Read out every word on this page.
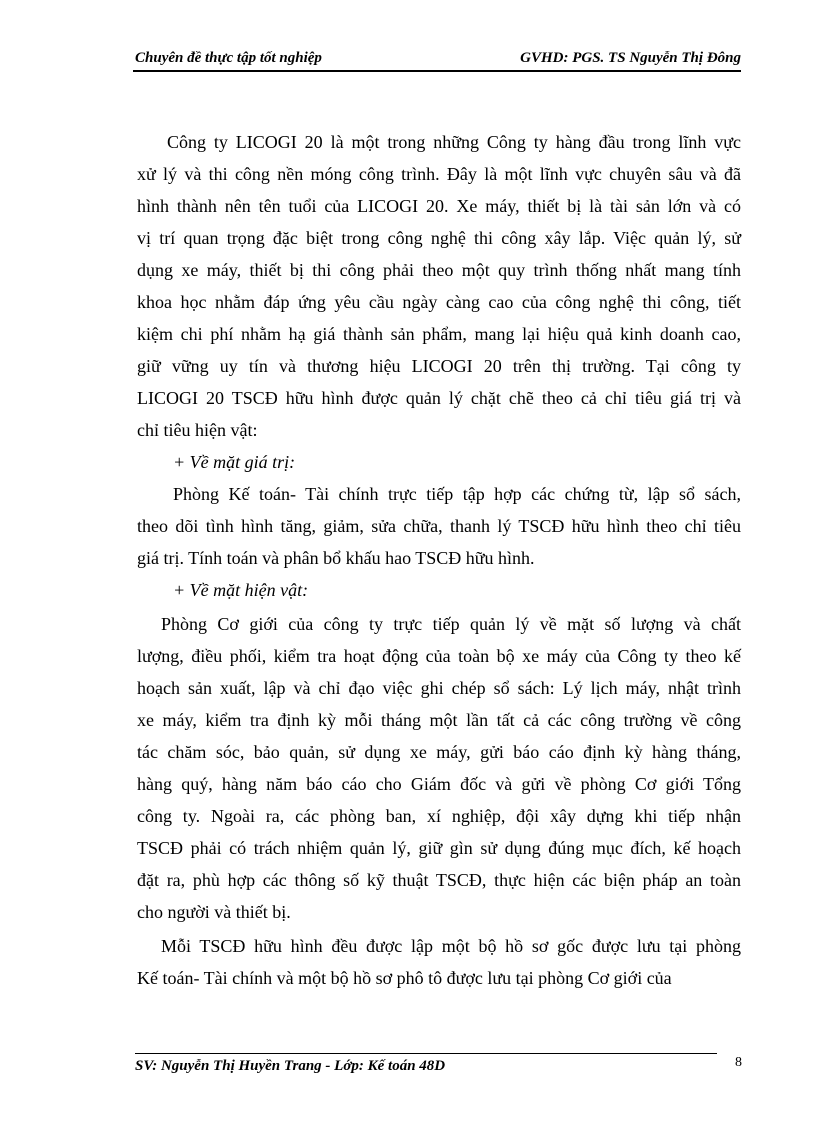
Chuyên đề thực tập tốt nghiệp	GVHD: PGS. TS Nguyễn Thị Đông
Công ty LICOGI 20 là một trong những Công ty hàng đầu trong lĩnh vực
xử lý và thi công nền móng công trình. Đây là một lĩnh vực chuyên sâu và đã
hình thành nên tên tuổi của LICOGI 20. Xe máy, thiết bị là tài sản lớn và có
vị trí quan trọng đặc biệt trong công nghệ thi công xây lắp. Việc quản lý, sử
dụng xe máy, thiết bị thi công phải theo một quy trình thống nhất mang tính
khoa học nhằm đáp ứng yêu cầu ngày càng cao của công nghệ thi công, tiết
kiệm chi phí nhằm hạ giá thành sản phẩm, mang lại hiệu quả kinh doanh cao,
giữ vững uy tín và thương hiệu LICOGI 20 trên thị trường. Tại công ty
LICOGI 20 TSCĐ hữu hình được quản lý chặt chẽ theo cả chỉ tiêu giá trị và
chỉ tiêu hiện vật:
+ Về mặt giá trị:
Phòng Kế toán- Tài chính trực tiếp tập hợp các chứng từ, lập sổ sách,
theo dõi tình hình tăng, giảm, sửa chữa, thanh lý TSCĐ hữu hình theo chỉ tiêu
giá trị. Tính toán và phân bổ khấu hao TSCĐ hữu hình.
+ Về mặt hiện vật:
Phòng Cơ giới của công ty trực tiếp quản lý về mặt số lượng và chất
lượng, điều phối, kiểm tra hoạt động của toàn bộ xe máy của Công ty theo kế
hoạch sản xuất, lập và chỉ đạo việc ghi chép sổ sách: Lý lịch máy, nhật trình
xe máy, kiểm tra định kỳ mỗi tháng một lần tất cả các công trường về công
tác chăm sóc, bảo quản, sử dụng xe máy, gửi báo cáo định kỳ hàng tháng,
hàng quý, hàng năm báo cáo cho Giám đốc và gửi về phòng Cơ giới Tổng
công ty. Ngoài ra, các phòng ban, xí nghiệp, đội xây dựng khi tiếp nhận
TSCĐ phải có trách nhiệm quản lý, giữ gìn sử dụng đúng mục đích, kế hoạch
đặt ra, phù hợp các thông số kỹ thuật TSCĐ, thực hiện các biện pháp an toàn
cho người và thiết bị.
Mỗi TSCĐ hữu hình đều được lập một bộ hồ sơ gốc được lưu tại phòng
Kế toán- Tài chính và một bộ hồ sơ phô tô được lưu tại phòng Cơ giới của
SV: Nguyễn Thị Huyền Trang - Lớp: Kế toán 48D	8
